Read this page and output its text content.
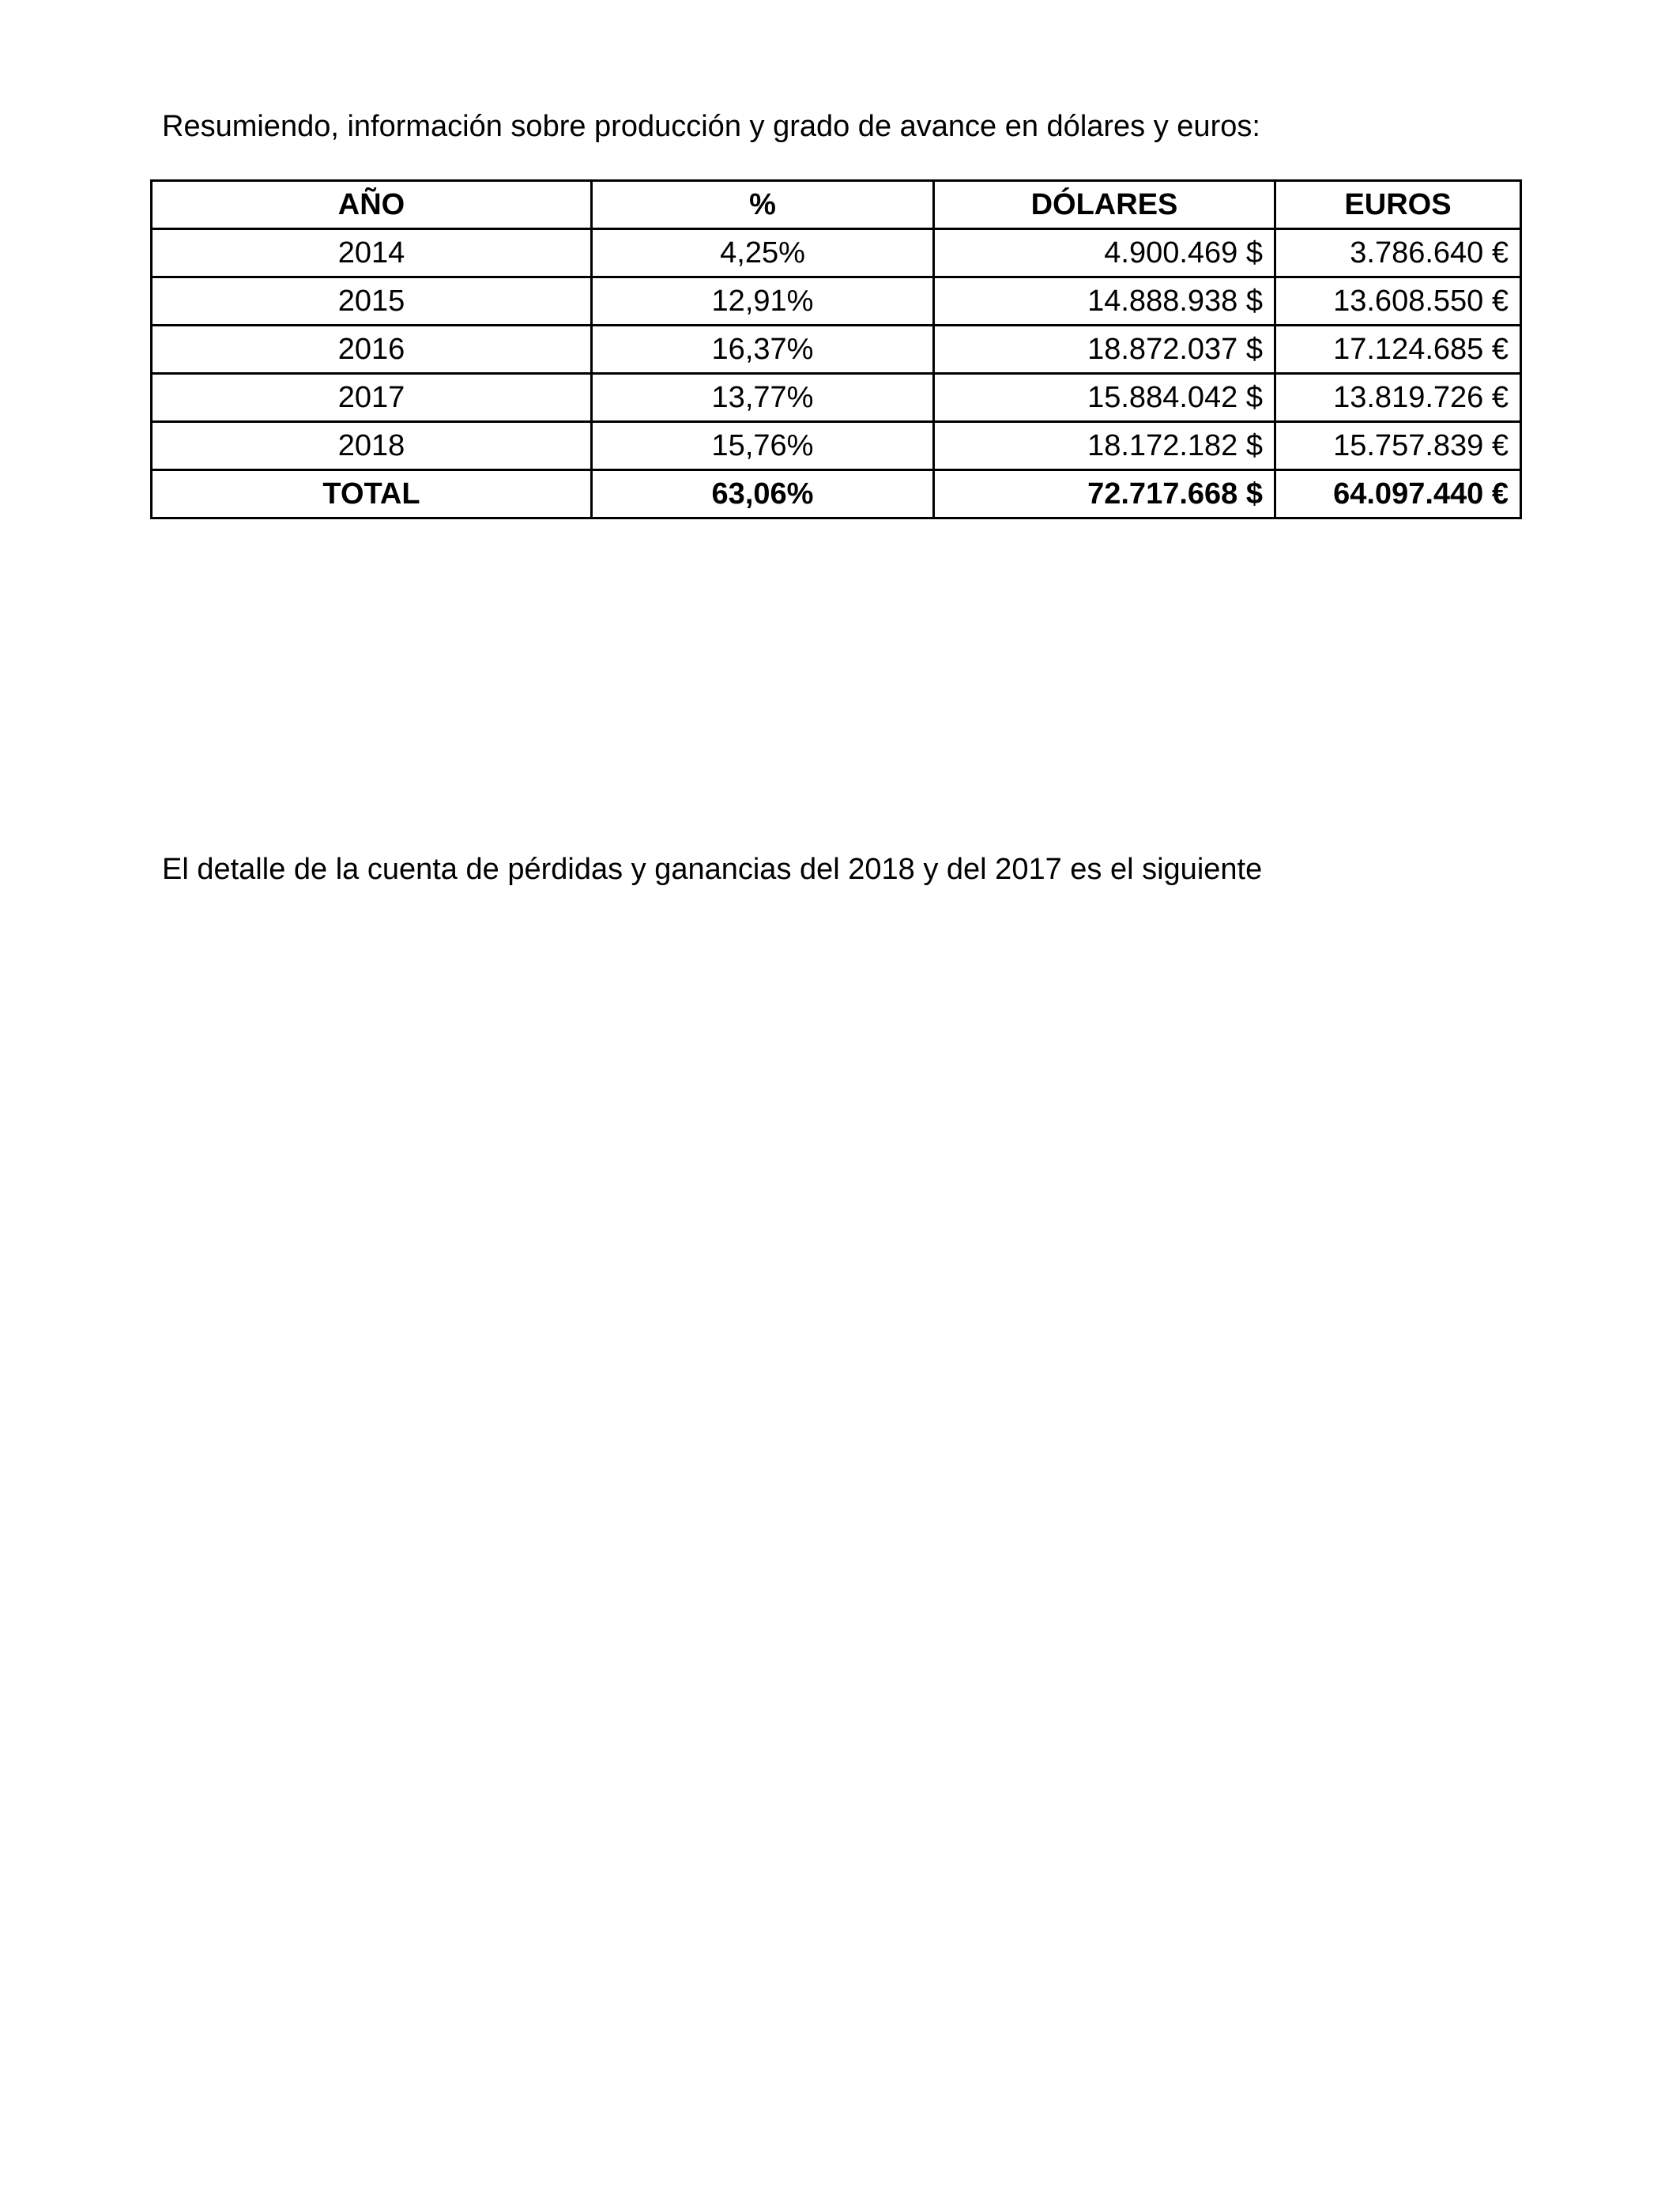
Resumiendo, información sobre producción y grado de avance en dólares y euros:

AÑO	%	DÓLARES	EUROS
2014	4,25%	4.900.469 $	3.786.640 €
2015	12,91%	14.888.938 $	13.608.550 €
2016	16,37%	18.872.037 $	17.124.685 €
2017	13,77%	15.884.042 $	13.819.726 €
2018	15,76%	18.172.182 $	15.757.839 €
TOTAL	63,06%	72.717.668 $	64.097.440 €

El detalle de la cuenta de pérdidas y ganancias del 2018 y del 2017 es el siguiente
